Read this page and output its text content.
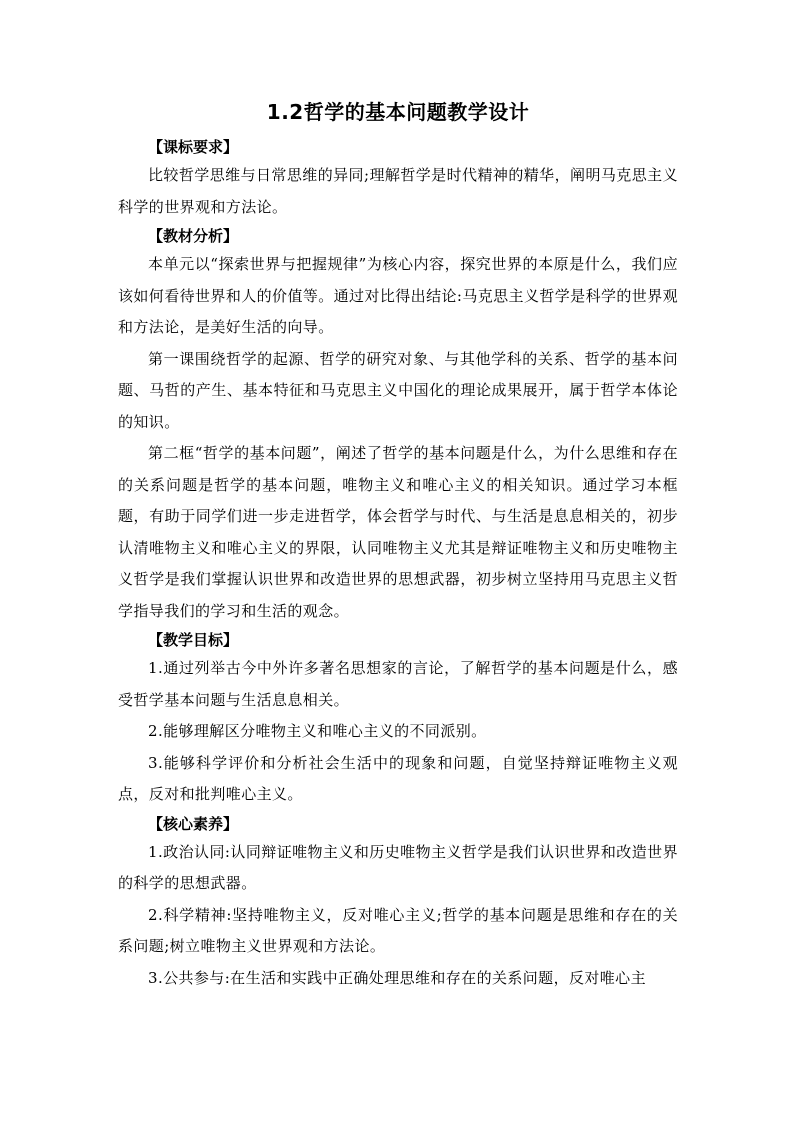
1.2哲学的基本问题教学设计

【课标要求】

比较哲学思维与日常思维的异同;理解哲学是时代精神的精华，阐明马克思主义科学的世界观和方法论。

【教材分析】

本单元以“探索世界与把握规律”为核心内容，探究世界的本原是什么，我们应该如何看待世界和人的价值等。通过对比得出结论:马克思主义哲学是科学的世界观和方法论，是美好生活的向导。

第一课围绕哲学的起源、哲学的研究对象、与其他学科的关系、哲学的基本问题、马哲的产生、基本特征和马克思主义中国化的理论成果展开，属于哲学本体论的知识。

第二框“哲学的基本问题”，阐述了哲学的基本问题是什么，为什么思维和存在的关系问题是哲学的基本问题，唯物主义和唯心主义的相关知识。通过学习本框题，有助于同学们进一步走进哲学，体会哲学与时代、与生活是息息相关的，初步认清唯物主义和唯心主义的界限，认同唯物主义尤其是辩证唯物主义和历史唯物主义哲学是我们掌握认识世界和改造世界的思想武器，初步树立坚持用马克思主义哲学指导我们的学习和生活的观念。

【教学目标】

1.通过列举古今中外许多著名思想家的言论，了解哲学的基本问题是什么，感受哲学基本问题与生活息息相关。

2.能够理解区分唯物主义和唯心主义的不同派别。

3.能够科学评价和分析社会生活中的现象和问题，自觉坚持辩证唯物主义观点，反对和批判唯心主义。

【核心素养】

1.政治认同:认同辩证唯物主义和历史唯物主义哲学是我们认识世界和改造世界的科学的思想武器。

2.科学精神:坚持唯物主义，反对唯心主义;哲学的基本问题是思维和存在的关系问题;树立唯物主义世界观和方法论。

3.公共参与:在生活和实践中正确处理思维和存在的关系问题，反对唯心主
